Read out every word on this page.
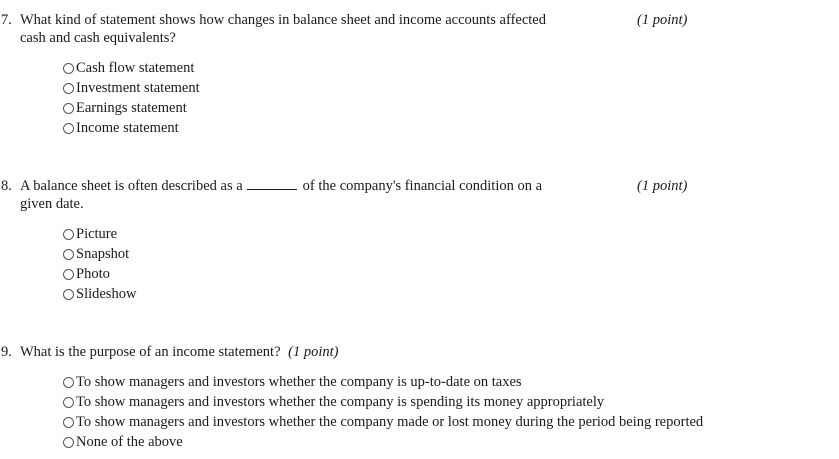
7. What kind of statement shows how changes in balance sheet and income accounts affected
cash and cash equivalents?
(1 point)
Cash flow statement
Investment statement
Earnings statement
Income statement
8. A balance sheet is often described as a	of the company's financial condition on a
given date.
(1 point)
Picture
Snapshot
Photo
Slideshow
9. What is the purpose of an income statement? (1 point)
To show managers and investors whether the company is up-to-date on taxes
To show managers and investors whether the company is spending its money appropriately
To show managers and investors whether the company made or lost money during the period being reported
None of the above
